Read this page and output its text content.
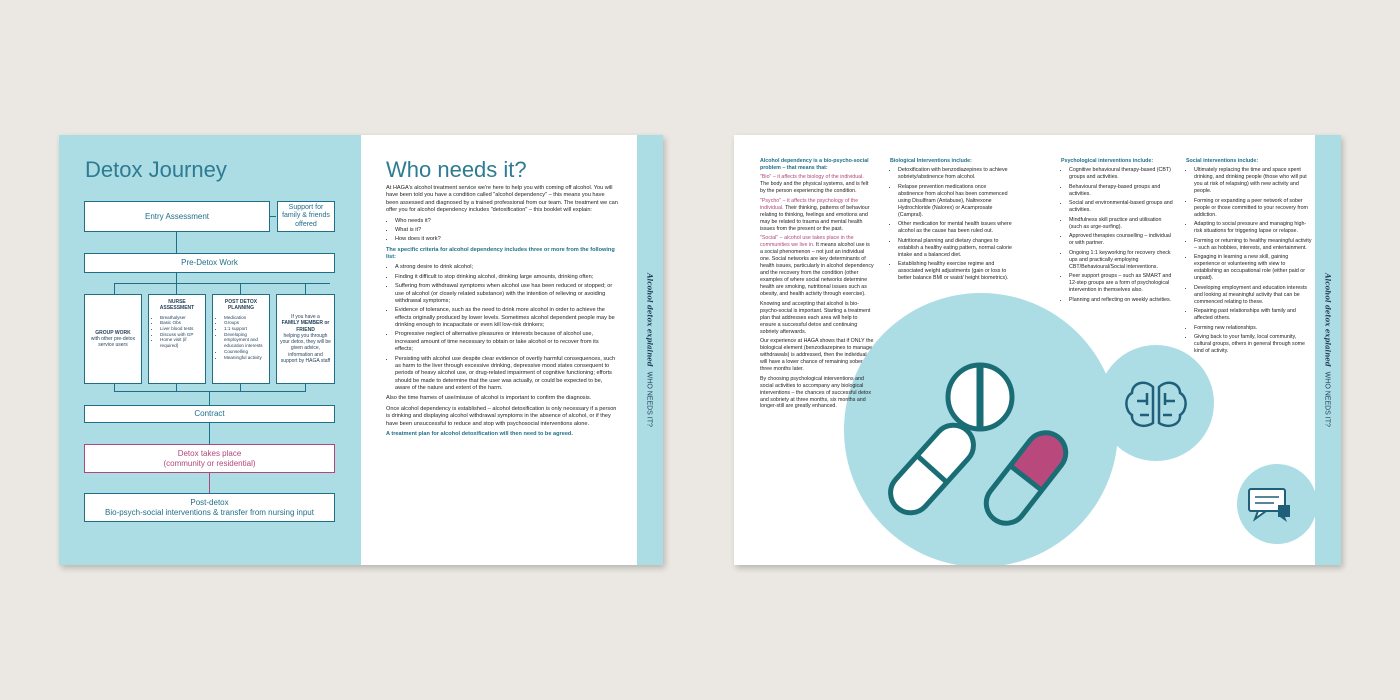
Detox Journey
Entry Assessment
Support for family & friends offered
Pre-Detox Work
GROUP WORK
with other pre-detox service users
NURSE ASSESSMENT
• Breathalyser
• Basic Obs
• Liver blood tests
• Discuss with GP
• Home visit (if required)
POST DETOX PLANNING
• Medication
• Groups
• 1:1 support
• Developing employment and education interests
• Counselling
• Meaningful activity
If you have a
FAMILY MEMBER or FRIEND
helping you through your detox, they will be given advice, information and support by HAGA staff
Contract
Detox takes place
(community or residential)
Post-detox
Bio-psych-social interventions & transfer from nursing input
Who needs it?

At HAGA's alcohol treatment service we're here to help you with coming off alcohol. You will have been told you have a condition called "alcohol dependency" – this means you have been assessed and diagnosed by a trained professional from our team. The treatment we can offer you for alcohol dependency includes "detoxification" – this booklet will explain:

• Who needs it?
• What is it?
• How does it work?

The specific criteria for alcohol dependency includes three or more from the following list:

• A strong desire to drink alcohol;
• Finding it difficult to stop drinking alcohol, drinking large amounts, drinking often;
• Suffering from withdrawal symptoms when alcohol use has been reduced or stopped; or use of alcohol (or closely related substance) with the intention of relieving or avoiding withdrawal symptoms;
• Evidence of tolerance, such as the need to drink more alcohol in order to achieve the effects originally produced by lower levels. Sometimes alcohol dependent people may be drinking enough to incapacitate or even kill low-risk drinkers;
• Progressive neglect of alternative pleasures or interests because of alcohol use, increased amount of time necessary to obtain or take alcohol or to recover from its effects;
• Persisting with alcohol use despite clear evidence of overtly harmful consequences, such as harm to the liver through excessive drinking, depressive mood states consequent to periods of heavy alcohol use, or drug-related impairment of cognitive functioning; efforts should be made to determine that the user was actually, or could be expected to be, aware of the nature and extent of the harm.

Also the time frames of use/misuse of alcohol is important to confirm the diagnosis.

Once alcohol dependency is established – alcohol detoxification is only necessary if a person is drinking and displaying alcohol withdrawal symptoms in the absence of alcohol, or if they have been unsuccessful to reduce and stop with psychosocial interventions alone.

A treatment plan for alcohol detoxification will then need to be agreed.

Alcohol detox explainedWHO NEEDS IT?

Alcohol dependency is a bio-psycho-social problem – that means that:

"Bio" – it affects the biology of the individual. The body and the physical systems, and is felt by the person experiencing the condition.

"Psycho" – it affects the psychology of the individual. Their thinking, patterns of behaviour relating to thinking, feelings and emotions and may be related to trauma and mental health issues from the present or the past.

"Social" – alcohol use takes place in the communities we live in. It means alcohol use is a social phenomenon – not just an individual one. Social networks are key determinants of health issues, particularly in alcohol dependency and the recovery from the condition (other examples of where social networks determine health are smoking, nutritional issues such as obesity, and health activity through exercise).

Knowing and accepting that alcohol is bio-psycho-social is important. Starting a treatment plan that addresses each area will help to ensure a successful detox and continuing sobriety afterwards.

Our experience at HAGA shows that if ONLY the biological element (benzodiazepines to manage withdrawals) is addressed, then the individual will have a lower chance of remaining sober three months later.

By choosing psychological interventions and social activities to accompany any biological interventions – the chances of successful detox and sobriety at three months, six months and longer-still are greatly enhanced.

Biological Interventions include:

• Detoxification with benzodiazepines to achieve sobriety/abstinence from alcohol.
• Relapse prevention medications once abstinence from alcohol has been commenced using Disulfiram (Antabuse), Naltrexone Hydrochloride (Nalorex) or Acamprosate (Campral).
• Other medication for mental health issues where alcohol as the cause has been ruled out.
• Nutritional planning and dietary changes to establish a healthy eating pattern, normal calorie intake and a balanced diet.
• Establishing healthy exercise regime and associated weight adjustments (gain or loss to better balance BMI or waist/ height biometrics).

Psychological interventions include:

• Cognitive behavioural therapy-based (CBT) groups and activities.
• Behavioural therapy-based groups and activities.
• Social and environmental-based groups and activities.
• Mindfulness skill practice and utilisation (such as urge-surfing).
• Approved therapies counselling – individual or with partner.
• Ongoing 1:1 keyworking for recovery check ups and practically employing CBT/Behavioural/Social interventions.
• Peer support groups – such as SMART and 12-step groups are a form of psychological intervention in themselves also.
• Planning and reflecting on weekly activities.

Social interventions include:

• Ultimately replacing the time and space spent drinking, and drinking people (those who will put you at risk of relapsing) with new activity and people.
• Forming or expanding a peer network of sober people or those committed to your recovery from addiction.
• Adapting to social pressure and managing high-risk situations for triggering lapse or relapse.
• Forming or returning to healthy meaningful activity – such as hobbies, interests, and entertainment.
• Engaging in learning a new skill, gaining experience or volunteering with view to establishing an occupational role (either paid or unpaid).
• Developing employment and education interests and looking at meaningful activity that can be commenced relating to these.
• Repairing past relationships with family and affected others.
• Forming new relationships.
• Giving back to your family, local community, cultural groups, others in general through some kind of activity.	Alcohol detox explainedWHO NEEDS IT?
